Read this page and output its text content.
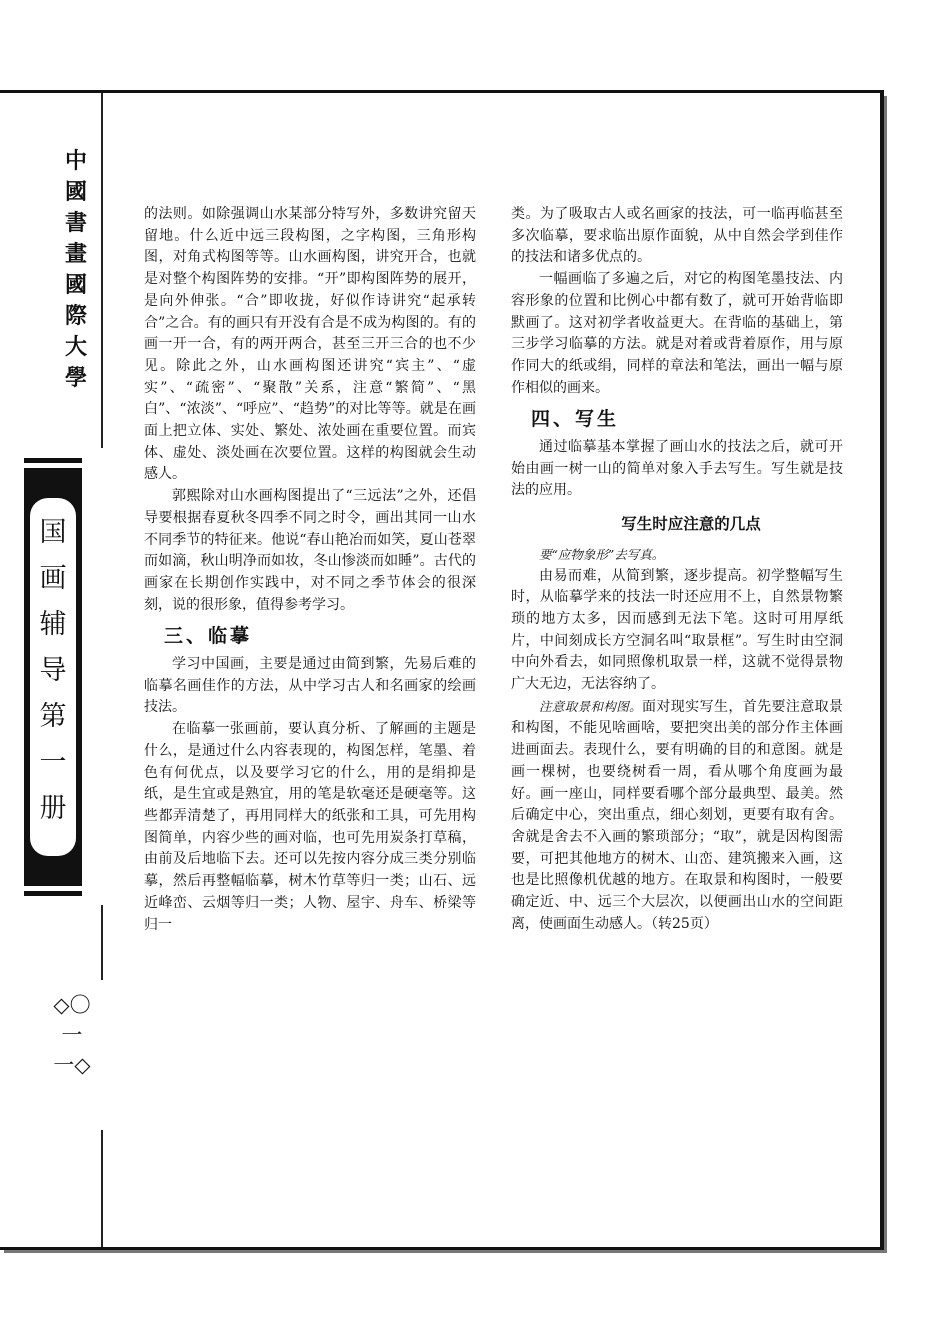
中國書畫國際大學
国画辅导第一册
◇〇一一◇

的法则。如除强调山水某部分特写外，多数讲究留天留地。什么近中远三段构图，之字构图，三角形构图，对角式构图等等。山水画构图，讲究开合，也就是对整个构图阵势的安排。“开”即构图阵势的展开，是向外伸张。“合”即收拢，好似作诗讲究“起承转合”之合。有的画只有开没有合是不成为构图的。有的画一开一合，有的两开两合，甚至三开三合的也不少见。除此之外，山水画构图还讲究“宾主”、“虚实”、“疏密”、“聚散”关系，注意“繁简”、“黑白”、“浓淡”、“呼应”、“趋势”的对比等等。就是在画面上把立体、实处、繁处、浓处画在重要位置。而宾体、虚处、淡处画在次要位置。这样的构图就会生动感人。

郭熙除对山水画构图提出了“三远法”之外，还倡导要根据春夏秋冬四季不同之时令，画出其同一山水不同季节的特征来。他说“春山艳冶而如笑，夏山苍翠而如滴，秋山明净而如妆，冬山惨淡而如睡”。古代的画家在长期创作实践中，对不同之季节体会的很深刻，说的很形象，值得参考学习。

三、临摹

学习中国画，主要是通过由简到繁，先易后难的临摹名画佳作的方法，从中学习古人和名画家的绘画技法。

在临摹一张画前，要认真分析、了解画的主题是什么，是通过什么内容表现的，构图怎样，笔墨、着色有何优点，以及要学习它的什么，用的是绢抑是纸，是生宜或是熟宜，用的笔是软毫还是硬毫等。这些都弄清楚了，再用同样大的纸张和工具，可先用构图简单，内容少些的画对临，也可先用炭条打草稿，由前及后地临下去。还可以先按内容分成三类分别临摹，然后再整幅临摹，树木竹草等归一类；山石、远近峰峦、云烟等归一类；人物、屋宇、舟车、桥梁等归一

类。为了吸取古人或名画家的技法，可一临再临甚至多次临摹，要求临出原作面貌，从中自然会学到佳作的技法和诸多优点的。

一幅画临了多遍之后，对它的构图笔墨技法、内容形象的位置和比例心中都有数了，就可开始背临即默画了。这对初学者收益更大。在背临的基础上，第三步学习临摹的方法。就是对着或背着原作，用与原作同大的纸或绢，同样的章法和笔法，画出一幅与原作相似的画来。

四、写生

通过临摹基本掌握了画山水的技法之后，就可开始由画一树一山的简单对象入手去写生。写生就是技法的应用。

写生时应注意的几点

要“应物象形”去写真。

由易而难，从简到繁，逐步提高。初学整幅写生时，从临摹学来的技法一时还应用不上，自然景物繁琐的地方太多，因而感到无法下笔。这时可用厚纸片，中间刻成长方空洞名叫“取景框”。写生时由空洞中向外看去，如同照像机取景一样，这就不觉得景物广大无边，无法容纳了。

注意取景和构图。面对现实写生，首先要注意取景和构图，不能见啥画啥，要把突出美的部分作主体画进画面去。表现什么，要有明确的目的和意图。就是画一棵树，也要绕树看一周，看从哪个角度画为最好。画一座山，同样要看哪个部分最典型、最美。然后确定中心，突出重点，细心刻划，更要有取有舍。舍就是舍去不入画的繁琐部分；“取”，就是因构图需要，可把其他地方的树木、山峦、建筑搬来入画，这也是比照像机优越的地方。在取景和构图时，一般要确定近、中、远三个大层次，以便画出山水的空间距离，使画面生动感人。（转25页）
